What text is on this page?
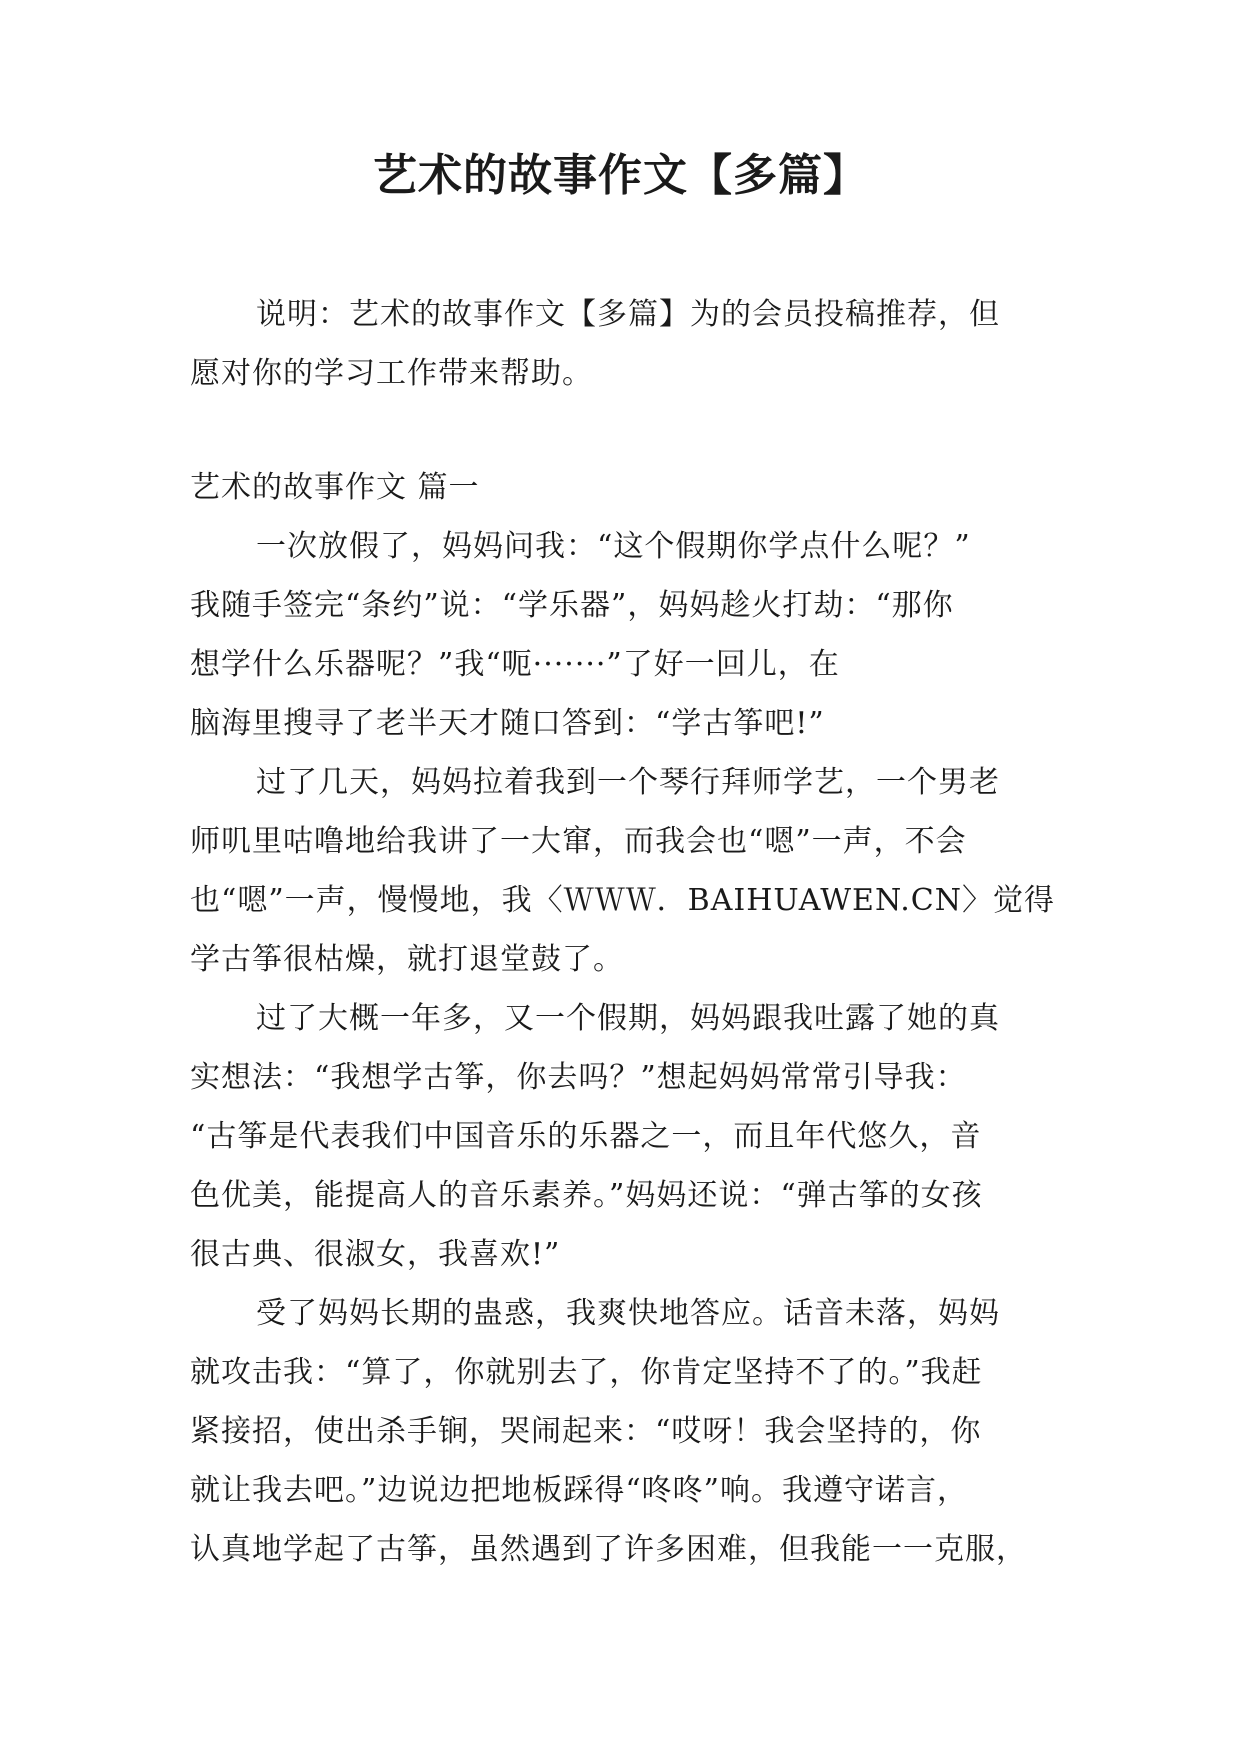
艺术的故事作文【多篇】
说明：艺术的故事作文【多篇】为的会员投稿推荐，但
愿对你的学习工作带来帮助。
艺术的故事作文 篇一
一次放假了，妈妈问我：“这个假期你学点什么呢？”
我随手签完“条约”说：“学乐器”，妈妈趁火打劫：“那你
想学什么乐器呢？”我“呃·······”了好一回儿，在
脑海里搜寻了老半天才随口答到：“学古筝吧!”
过了几天，妈妈拉着我到一个琴行拜师学艺，一个男老
师叽里咕噜地给我讲了一大窜，而我会也“嗯”一声，不会
也“嗯”一声，慢慢地，我〈ＷＷＷ．BAIHUAWEN.CN〉觉得
学古筝很枯燥，就打退堂鼓了。
过了大概一年多，又一个假期，妈妈跟我吐露了她的真
实想法：“我想学古筝，你去吗？”想起妈妈常常引导我：
“古筝是代表我们中国音乐的乐器之一，而且年代悠久，音
色优美，能提高人的音乐素养。”妈妈还说：“弹古筝的女孩
很古典、很淑女，我喜欢!”
受了妈妈长期的蛊惑，我爽快地答应。话音未落，妈妈
就攻击我：“算了，你就别去了，你肯定坚持不了的。”我赶
紧接招，使出杀手锏，哭闹起来：“哎呀！我会坚持的，你
就让我去吧。”边说边把地板踩得“咚咚”响。我遵守诺言，
认真地学起了古筝，虽然遇到了许多困难，但我能一一克服，
